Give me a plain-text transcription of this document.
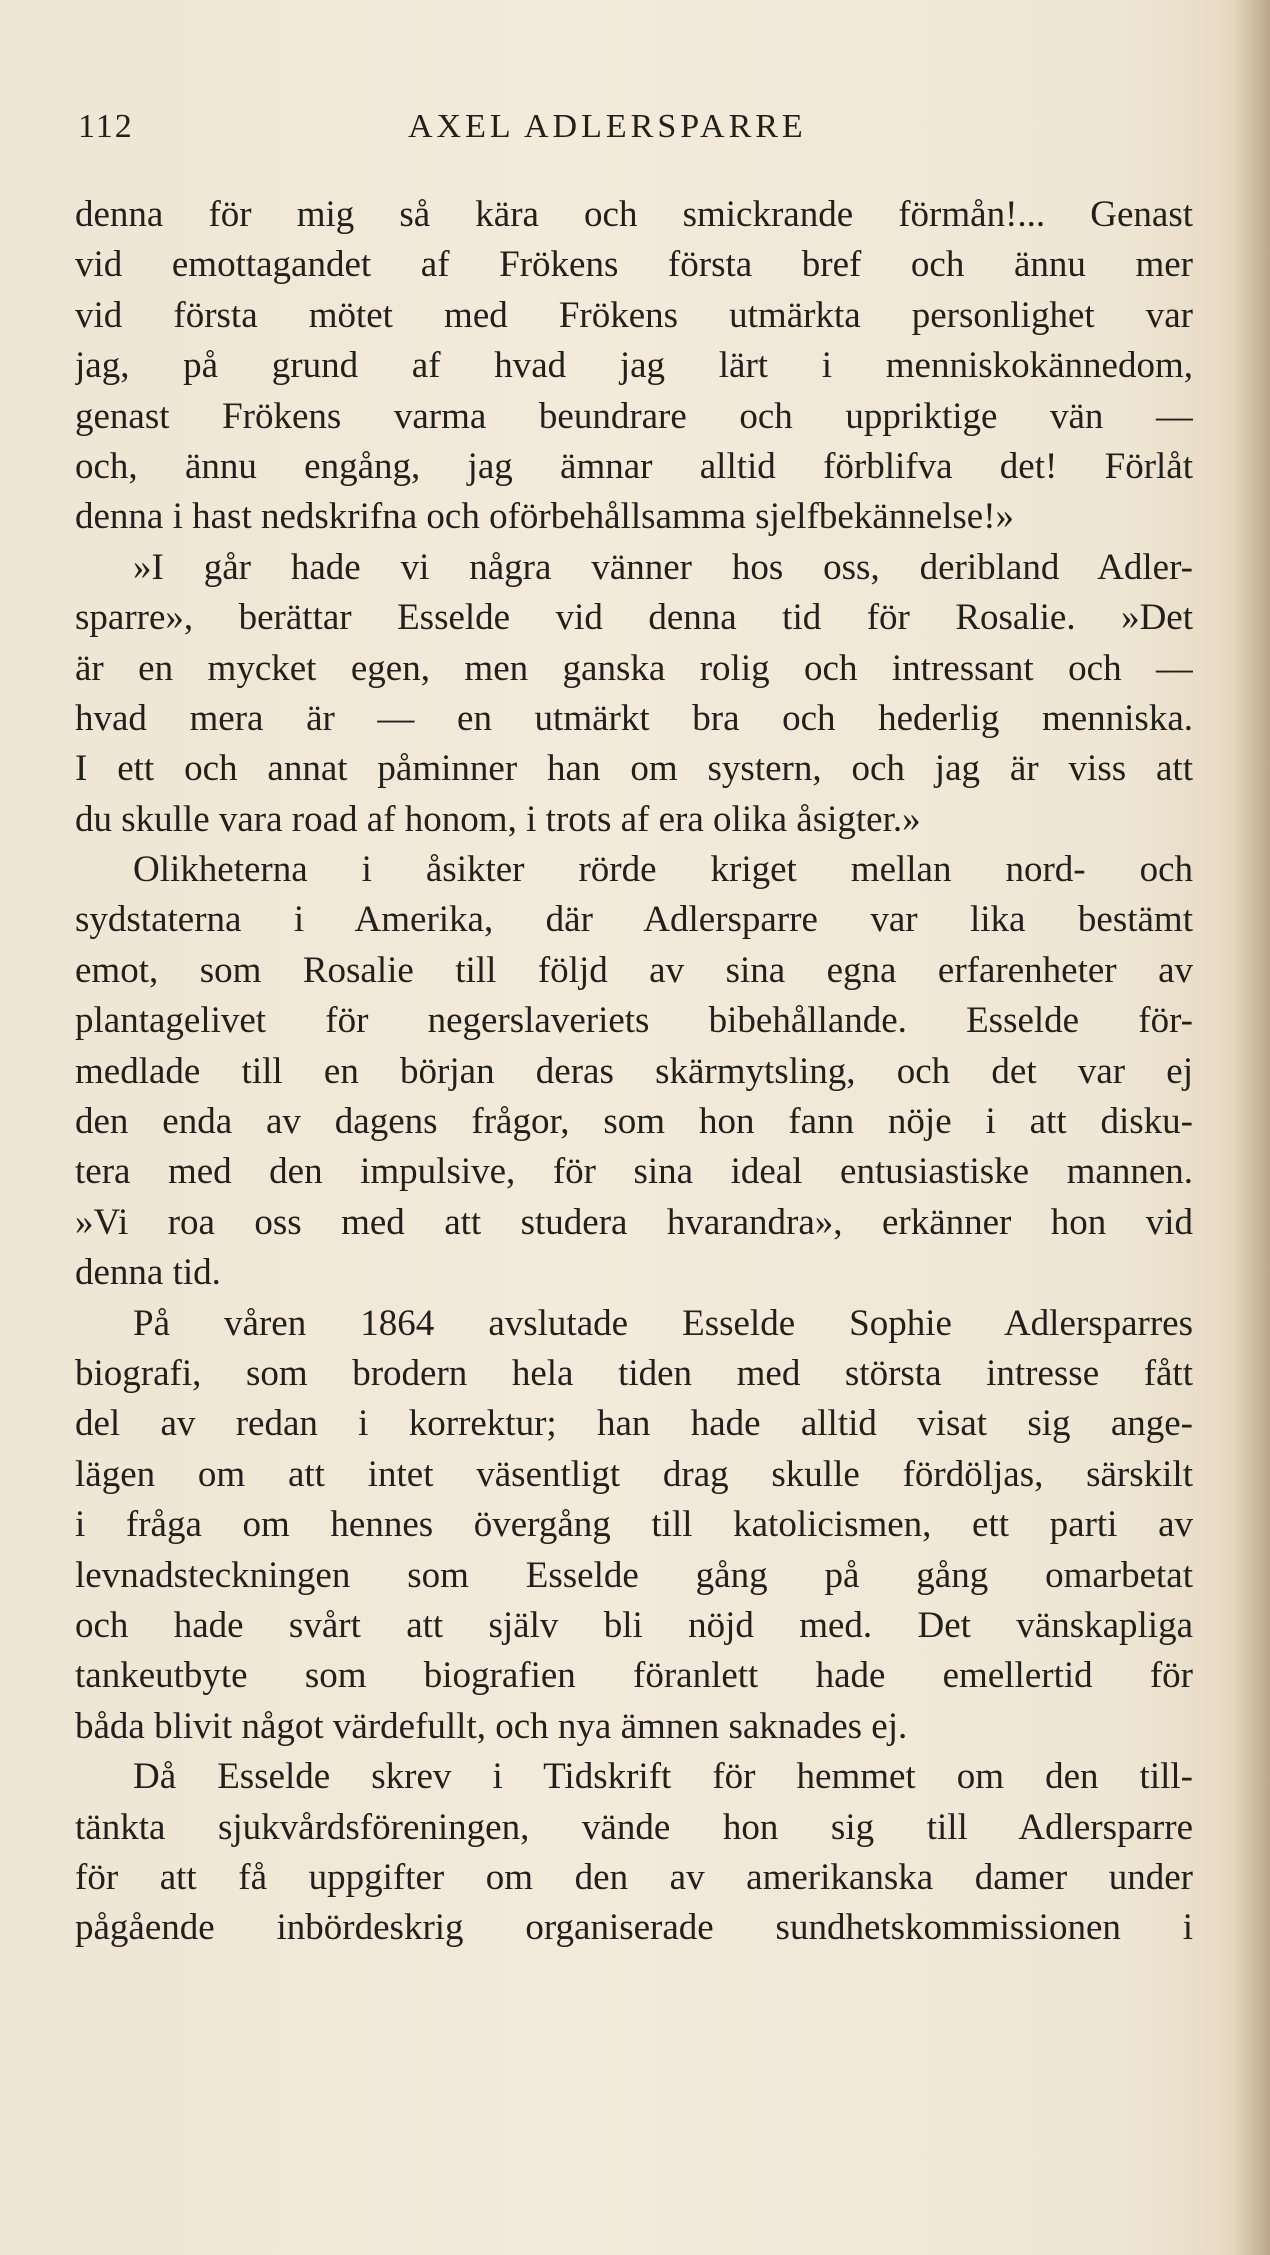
112	AXEL ADLERSPARRE
denna för mig så kära och smickrande förmån!... Genast
vid emottagandet af Frökens första bref och ännu mer
vid första mötet med Frökens utmärkta personlighet var
jag, på grund af hvad jag lärt i menniskokännedom,
genast Frökens varma beundrare och uppriktige vän —
och, ännu engång, jag ämnar alltid förblifva det! Förlåt
denna i hast nedskrifna och oförbehållsamma sjelfbekännelse!»
»I går hade vi några vänner hos oss, deribland Adler-
sparre», berättar Esselde vid denna tid för Rosalie. »Det
är en mycket egen, men ganska rolig och intressant och —
hvad mera är — en utmärkt bra och hederlig menniska.
I ett och annat påminner han om systern, och jag är viss att
du skulle vara road af honom, i trots af era olika åsigter.»
Olikheterna i åsikter rörde kriget mellan nord- och
sydstaterna i Amerika, där Adlersparre var lika bestämt
emot, som Rosalie till följd av sina egna erfarenheter av
plantagelivet för negerslaveriets bibehållande. Esselde för-
medlade till en början deras skärmytsling, och det var ej
den enda av dagens frågor, som hon fann nöje i att disku-
tera med den impulsive, för sina ideal entusiastiske mannen.
»Vi roa oss med att studera hvarandra», erkänner hon vid
denna tid.
På våren 1864 avslutade Esselde Sophie Adlersparres
biografi, som brodern hela tiden med största intresse fått
del av redan i korrektur; han hade alltid visat sig ange-
lägen om att intet väsentligt drag skulle fördöljas, särskilt
i fråga om hennes övergång till katolicismen, ett parti av
levnadsteckningen som Esselde gång på gång omarbetat
och hade svårt att själv bli nöjd med. Det vänskapliga
tankeutbyte som biografien föranlett hade emellertid för
båda blivit något värdefullt, och nya ämnen saknades ej.
Då Esselde skrev i Tidskrift för hemmet om den till-
tänkta sjukvårdsföreningen, vände hon sig till Adlersparre
för att få uppgifter om den av amerikanska damer under
pågående inbördeskrig organiserade sundhetskommissionen i
